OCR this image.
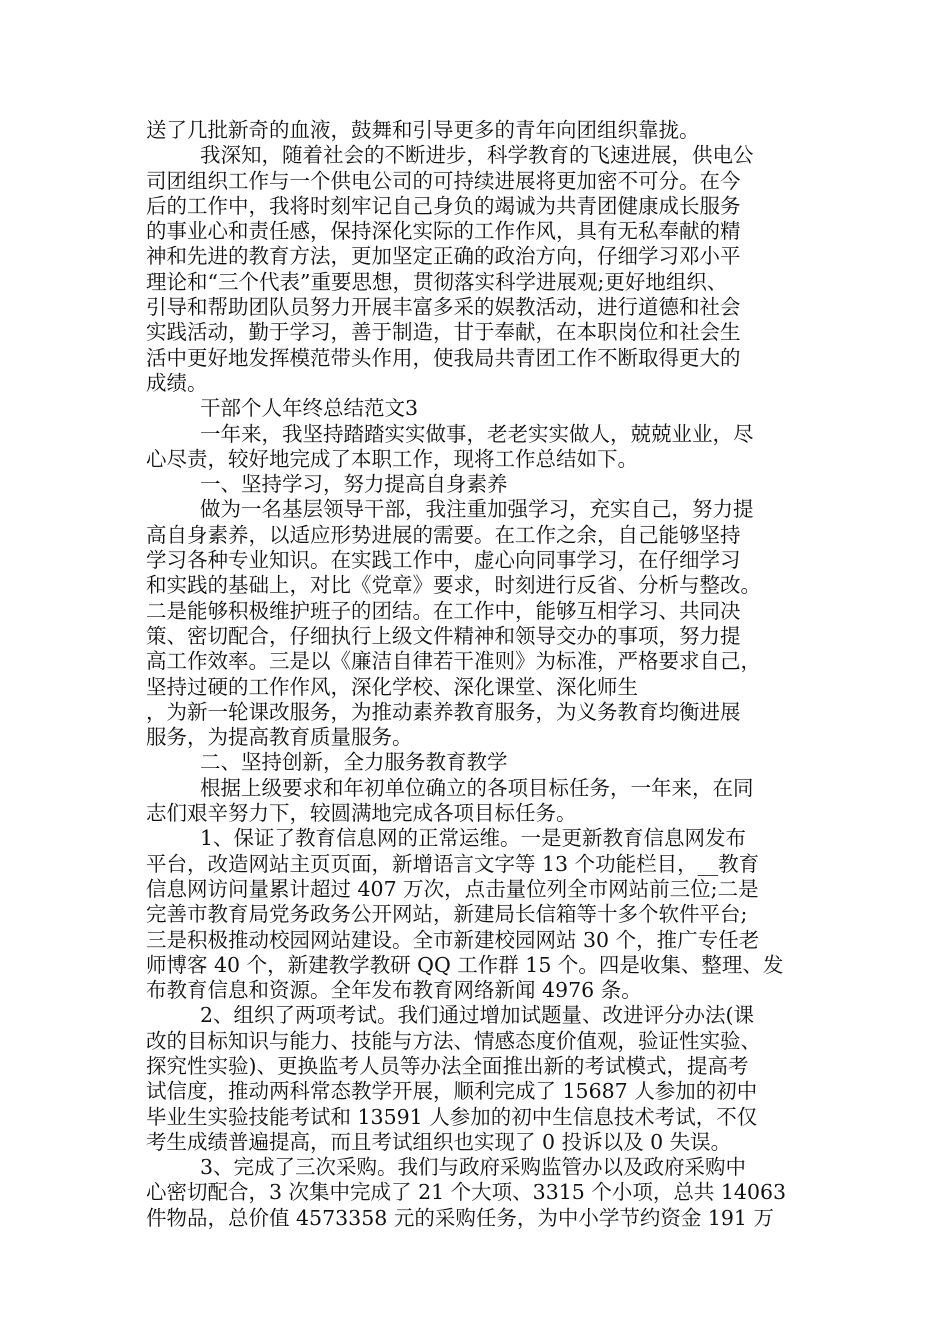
送了几批新奇的血液，鼓舞和引导更多的青年向团组织靠拢。
我深知，随着社会的不断进步，科学教育的飞速进展，供电公
司团组织工作与一个供电公司的可持续进展将更加密不可分。在今
后的工作中，我将时刻牢记自己身负的竭诚为共青团健康成长服务
的事业心和责任感，保持深化实际的工作作风，具有无私奉献的精
神和先进的教育方法，更加坚定正确的政治方向，仔细学习邓小平
理论和“三个代表”重要思想，贯彻落实科学进展观;更好地组织、
引导和帮助团队员努力开展丰富多采的娱教活动，进行道德和社会
实践活动，勤于学习，善于制造，甘于奉献，在本职岗位和社会生
活中更好地发挥模范带头作用，使我局共青团工作不断取得更大的
成绩。
干部个人年终总结范文3
一年来，我坚持踏踏实实做事，老老实实做人，兢兢业业，尽
心尽责，较好地完成了本职工作，现将工作总结如下。
一、坚持学习，努力提高自身素养
做为一名基层领导干部，我注重加强学习，充实自己，努力提
高自身素养，以适应形势进展的需要。在工作之余，自己能够坚持
学习各种专业知识。在实践工作中，虚心向同事学习，在仔细学习
和实践的基础上，对比《党章》要求，时刻进行反省、分析与整改。
二是能够积极维护班子的团结。在工作中，能够互相学习、共同决
策、密切配合，仔细执行上级文件精神和领导交办的事项，努力提
高工作效率。三是以《廉洁自律若干准则》为标准，严格要求自己，
坚持过硬的工作作风，深化学校、深化课堂、深化师生
，为新一轮课改服务，为推动素养教育服务，为义务教育均衡进展
服务，为提高教育质量服务。
二、坚持创新，全力服务教育教学
根据上级要求和年初单位确立的各项目标任务，一年来，在同
志们艰辛努力下，较圆满地完成各项目标任务。
1、保证了教育信息网的正常运维。一是更新教育信息网发布
平台，改造网站主页页面，新增语言文字等 13 个功能栏目，__教育
信息网访问量累计超过 407 万次，点击量位列全市网站前三位;二是
完善市教育局党务政务公开网站，新建局长信箱等十多个软件平台;
三是积极推动校园网站建设。全市新建校园网站 30 个，推广专任老
师博客 40 个，新建教学教研 QQ 工作群 15 个。四是收集、整理、发
布教育信息和资源。全年发布教育网络新闻 4976 条。
2、组织了两项考试。我们通过增加试题量、改进评分办法(课
改的目标知识与能力、技能与方法、情感态度价值观，验证性实验、
探究性实验)、更换监考人员等办法全面推出新的考试模式，提高考
试信度，推动两科常态教学开展，顺利完成了 15687 人参加的初中
毕业生实验技能考试和 13591 人参加的初中生信息技术考试，不仅
考生成绩普遍提高，而且考试组织也实现了 0 投诉以及 0 失误。
3、完成了三次采购。我们与政府采购监管办以及政府采购中
心密切配合，3 次集中完成了 21 个大项、3315 个小项，总共 14063
件物品，总价值 4573358 元的采购任务，为中小学节约资金 191 万
